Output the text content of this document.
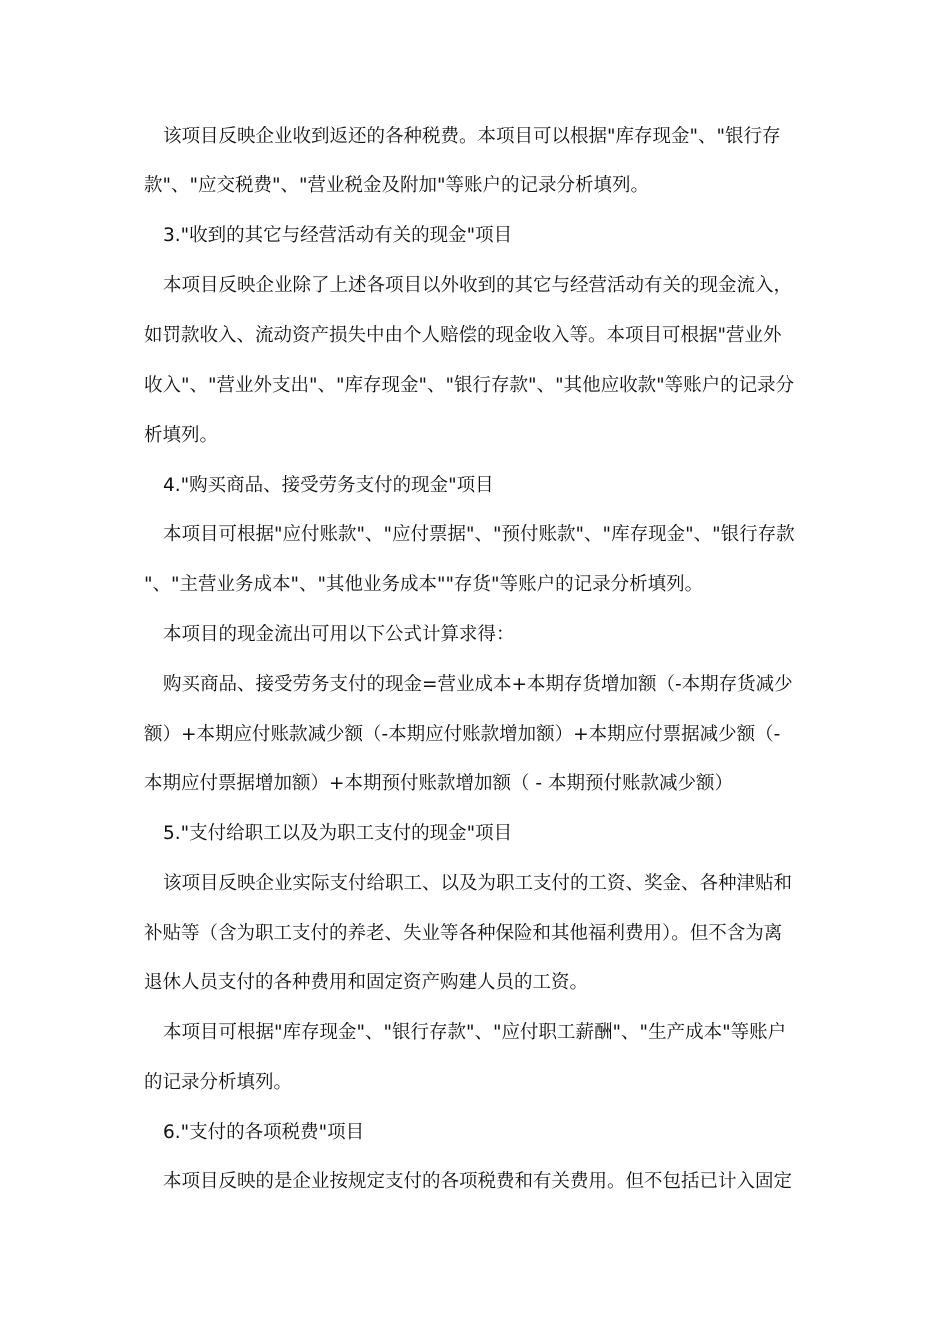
该项目反映企业收到返还的各种税费。本项目可以根据"库存现金"、"银行存

款"、"应交税费"、"营业税金及附加"等账户的记录分析填列。

3."收到的其它与经营活动有关的现金"项目

本项目反映企业除了上述各项目以外收到的其它与经营活动有关的现金流入，

如罚款收入、流动资产损失中由个人赔偿的现金收入等。本项目可根据"营业外

收入"、"营业外支出"、"库存现金"、"银行存款"、"其他应收款"等账户的记录分

析填列。

4."购买商品、接受劳务支付的现金"项目

本项目可根据"应付账款"、"应付票据"、"预付账款"、"库存现金"、"银行存款

"、"主营业务成本"、"其他业务成本""存货"等账户的记录分析填列。

本项目的现金流出可用以下公式计算求得：

购买商品、接受劳务支付的现金=营业成本+本期存货增加额（-本期存货减少

额）+本期应付账款减少额（-本期应付账款增加额）+本期应付票据减少额（-

本期应付票据增加额）+本期预付账款增加额（ - 本期预付账款减少额）

5."支付给职工以及为职工支付的现金"项目

该项目反映企业实际支付给职工、以及为职工支付的工资、奖金、各种津贴和

补贴等（含为职工支付的养老、失业等各种保险和其他福利费用）。但不含为离

退休人员支付的各种费用和固定资产购建人员的工资。

本项目可根据"库存现金"、"银行存款"、"应付职工薪酬"、"生产成本"等账户

的记录分析填列。

6."支付的各项税费"项目

本项目反映的是企业按规定支付的各项税费和有关费用。但不包括已计入固定
